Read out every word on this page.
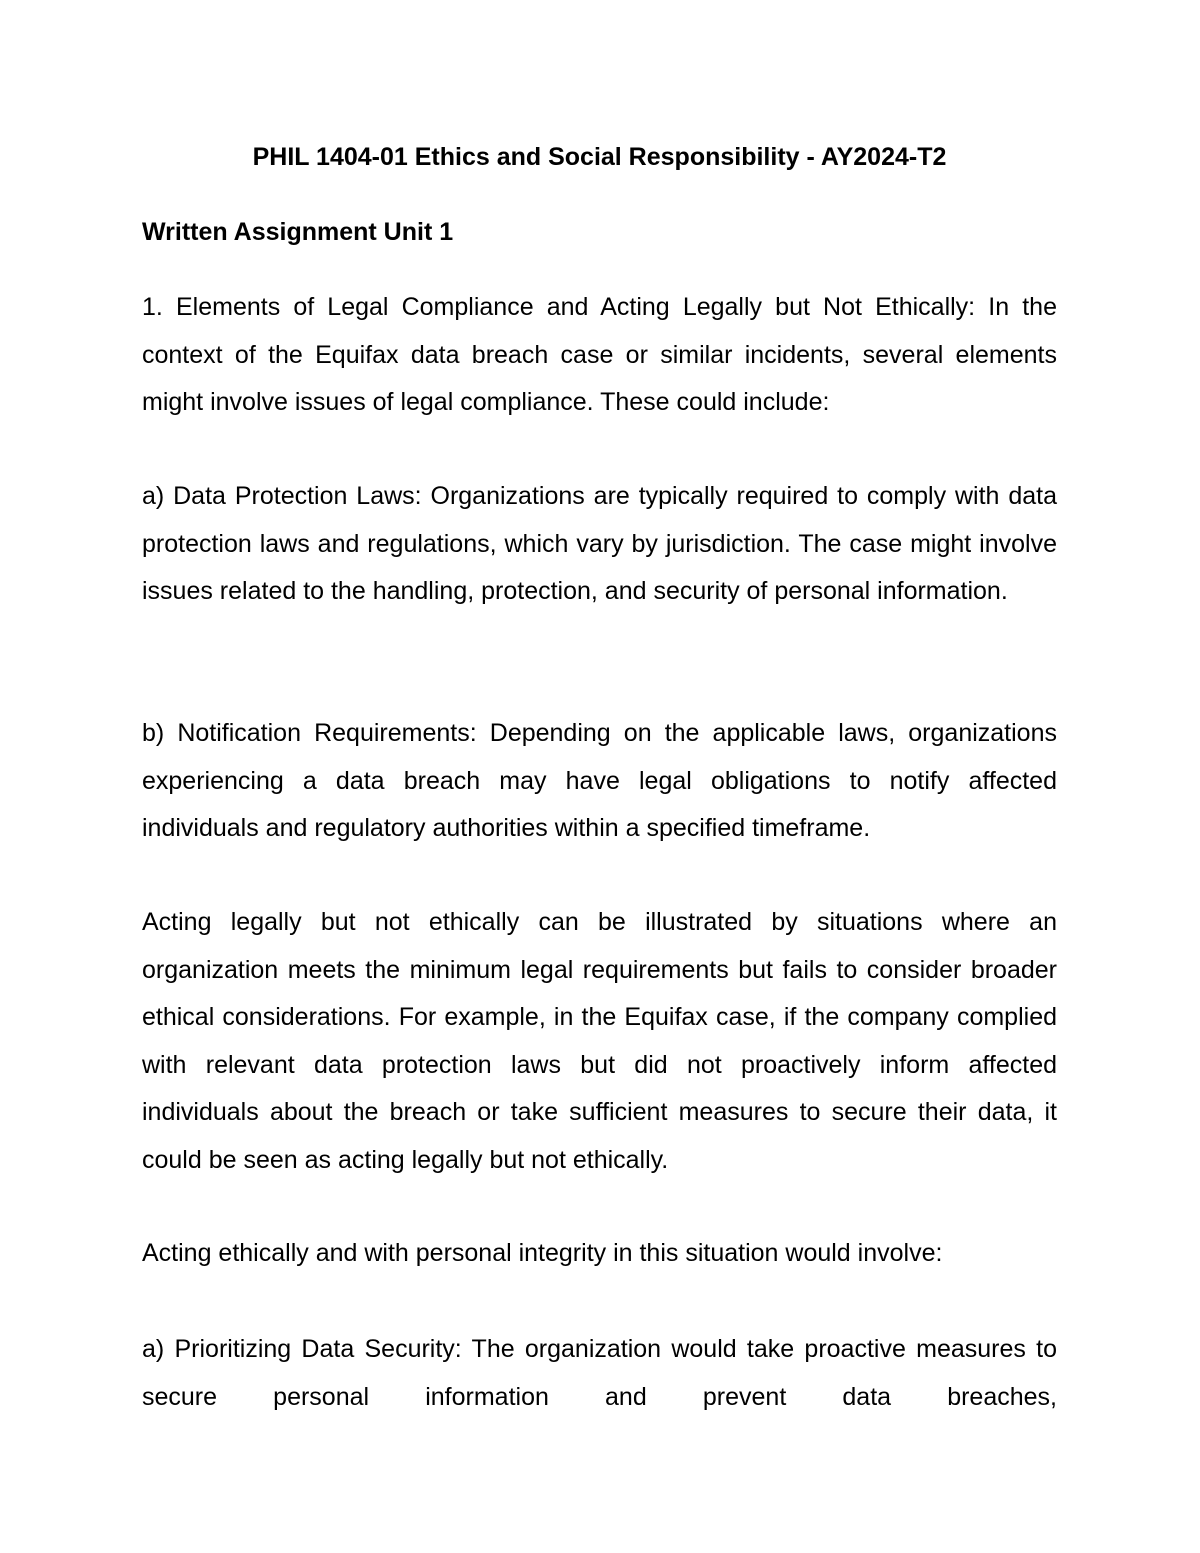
PHIL 1404-01 Ethics and Social Responsibility - AY2024-T2
Written Assignment Unit 1

1. Elements of Legal Compliance and Acting Legally but Not Ethically: In the context of the Equifax data breach case or similar incidents, several elements might involve issues of legal compliance. These could include:

a) Data Protection Laws: Organizations are typically required to comply with data protection laws and regulations, which vary by jurisdiction. The case might involve issues related to the handling, protection, and security of personal information.

b) Notification Requirements: Depending on the applicable laws, organizations experiencing a data breach may have legal obligations to notify affected individuals and regulatory authorities within a specified timeframe.

Acting legally but not ethically can be illustrated by situations where an organization meets the minimum legal requirements but fails to consider broader ethical considerations. For example, in the Equifax case, if the company complied with relevant data protection laws but did not proactively inform affected individuals about the breach or take sufficient measures to secure their data, it could be seen as acting legally but not ethically.

Acting ethically and with personal integrity in this situation would involve:

a) Prioritizing Data Security: The organization would take proactive measures to secure personal information and prevent data breaches,
